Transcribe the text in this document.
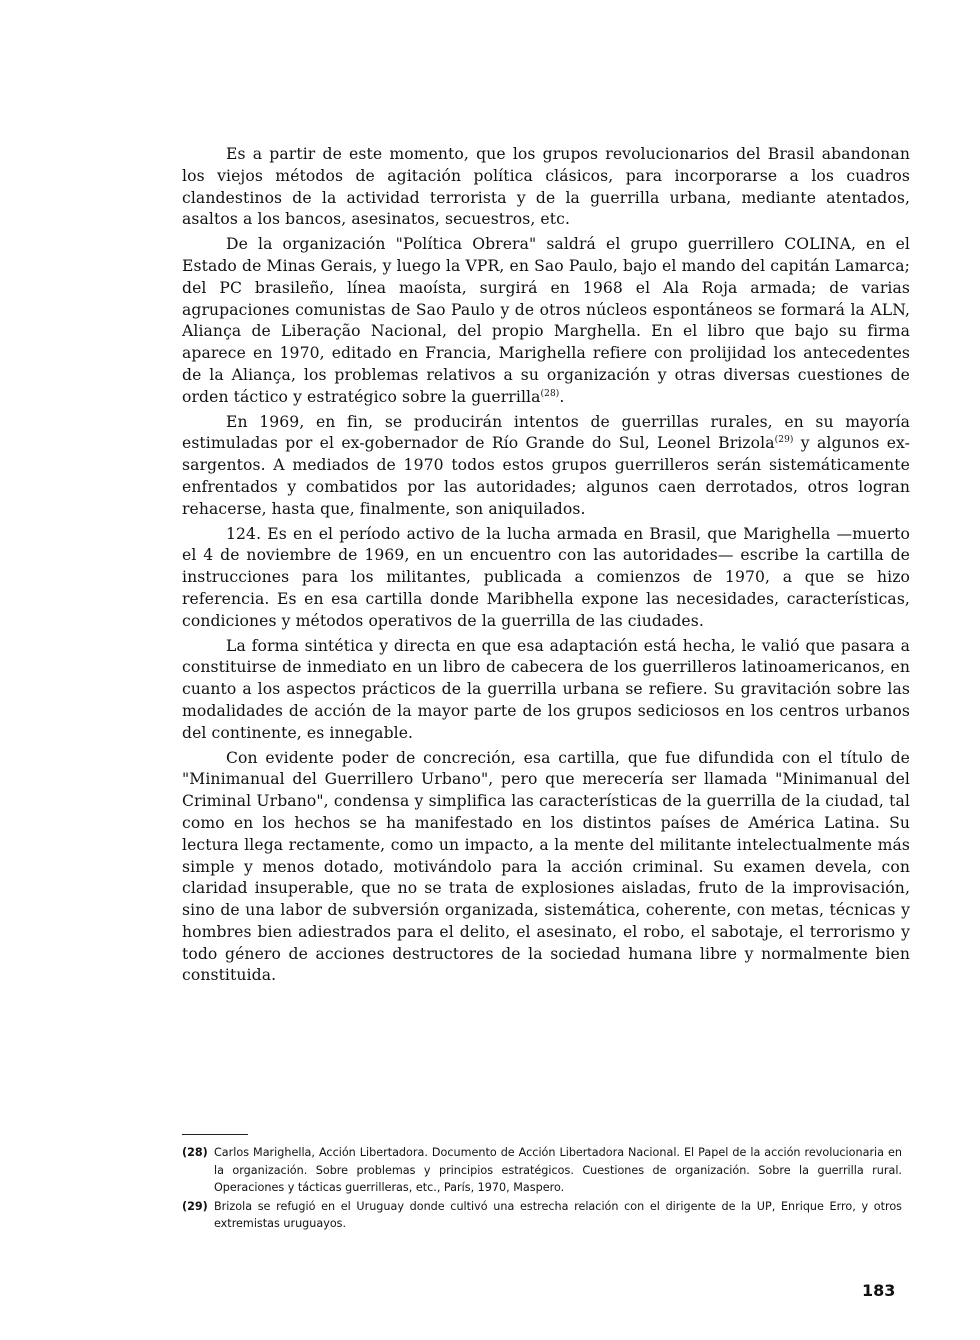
Es a partir de este momento, que los grupos revolucionarios del Brasil abandonan los viejos métodos de agitación política clásicos, para incorporarse a los cuadros clandestinos de la actividad terrorista y de la guerrilla urbana, mediante atentados, asaltos a los bancos, asesinatos, secuestros, etc.

De la organización "Política Obrera" saldrá el grupo guerrillero COLINA, en el Estado de Minas Gerais, y luego la VPR, en Sao Paulo, bajo el mando del capitán Lamarca; del PC brasileño, línea maoísta, surgirá en 1968 el Ala Roja armada; de varias agrupaciones comunistas de Sao Paulo y de otros núcleos espontáneos se formará la ALN, Aliança de Liberação Nacional, del propio Marghella. En el libro que bajo su firma aparece en 1970, editado en Francia, Marighella refiere con prolijidad los antecedentes de la Aliança, los problemas relativos a su organización y otras diversas cuestiones de orden táctico y estratégico sobre la guerrilla$^{(28)}$.

En 1969, en fin, se producirán intentos de guerrillas rurales, en su mayoría estimuladas por el ex-gobernador de Río Grande do Sul, Leonel Brizola$^{(29)}$ y algunos ex-sargentos. A mediados de 1970 todos estos grupos guerrilleros serán sistemáticamente enfrentados y combatidos por las autoridades; algunos caen derrotados, otros logran rehacerse, hasta que, finalmente, son aniquilados.

124. Es en el período activo de la lucha armada en Brasil, que Marighella —muerto el 4 de noviembre de 1969, en un encuentro con las autoridades— escribe la cartilla de instrucciones para los militantes, publicada a comienzos de 1970, a que se hizo referencia. Es en esa cartilla donde Maribhella expone las necesidades, características, condiciones y métodos operativos de la guerrilla de las ciudades.

La forma sintética y directa en que esa adaptación está hecha, le valió que pasara a constituirse de inmediato en un libro de cabecera de los guerrilleros latinoamericanos, en cuanto a los aspectos prácticos de la guerrilla urbana se refiere. Su gravitación sobre las modalidades de acción de la mayor parte de los grupos sediciosos en los centros urbanos del continente, es innegable.

Con evidente poder de concreción, esa cartilla, que fue difundida con el título de "Minimanual del Guerrillero Urbano", pero que merecería ser llamada "Minimanual del Criminal Urbano", condensa y simplifica las características de la guerrilla de la ciudad, tal como en los hechos se ha manifestado en los distintos países de América Latina. Su lectura llega rectamente, como un impacto, a la mente del militante intelectualmente más simple y menos dotado, motivándolo para la acción criminal. Su examen devela, con claridad insuperable, que no se trata de explosiones aisladas, fruto de la improvisación, sino de una labor de subversión organizada, sistemática, coherente, con metas, técnicas y hombres bien adiestrados para el delito, el asesinato, el robo, el sabotaje, el terrorismo y todo género de acciones destructores de la sociedad humana libre y normalmente bien constituida.

(28) Carlos Marighella, Acción Libertadora. Documento de Acción Libertadora Nacional. El Papel de la acción revolucionaria en la organización. Sobre problemas y principios estratégicos. Cuestiones de organización. Sobre la guerrilla rural. Operaciones y tácticas guerrilleras, etc., París, 1970, Maspero.
(29) Brizola se refugió en el Uruguay donde cultivó una estrecha relación con el dirigente de la UP, Enrique Erro, y otros extremistas uruguayos.
183
